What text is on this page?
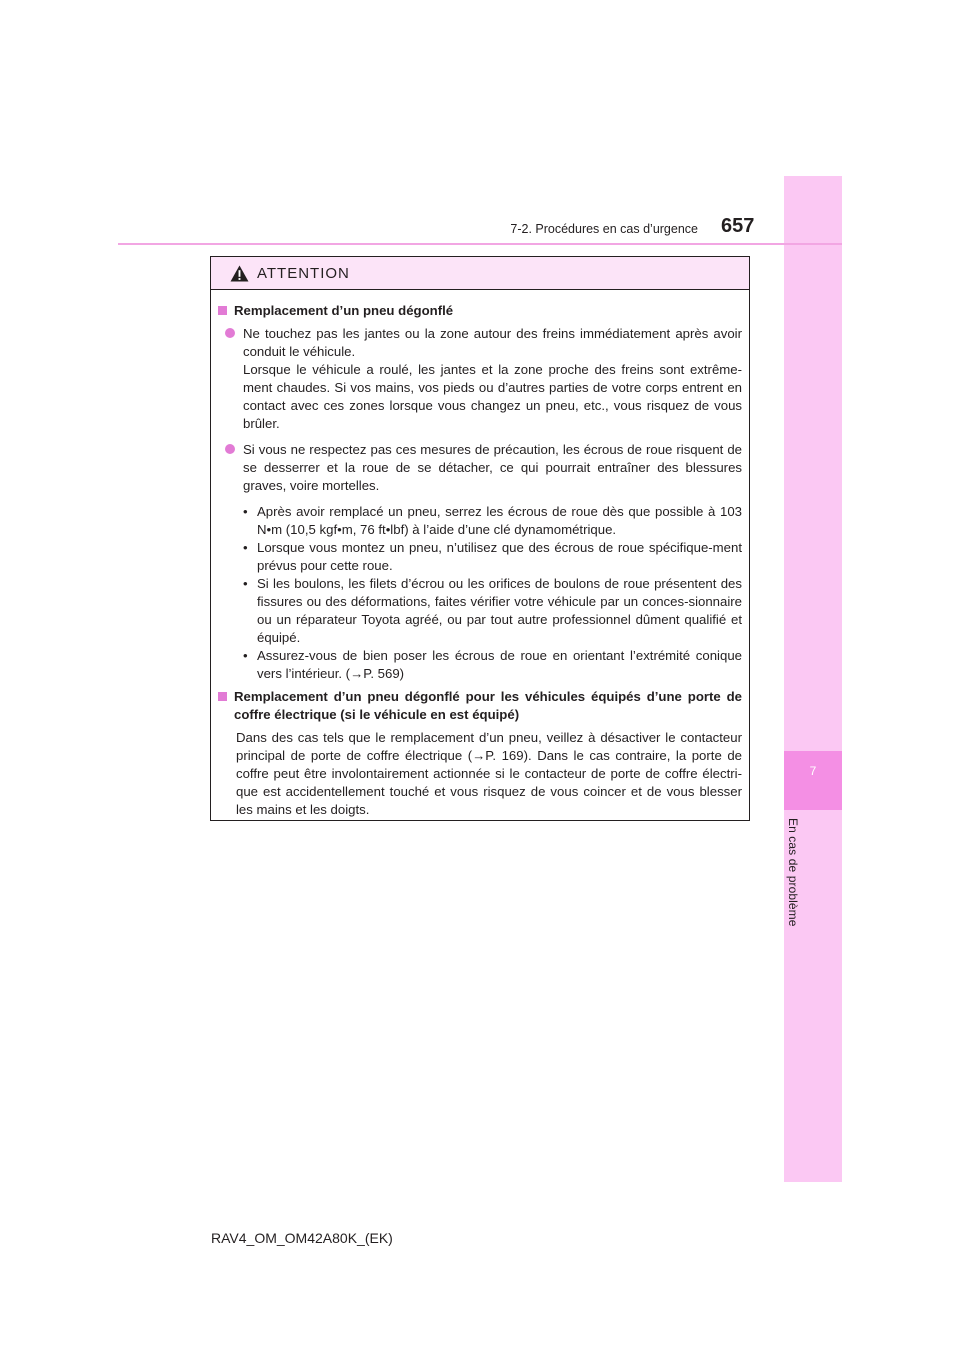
7
En cas de problème
7-2. Procédures en cas d’urgence 657
ATTENTION
Remplacement d’un pneu dégonflé
Ne touchez pas les jantes ou la zone autour des freins immédiatement après avoir conduit le véhicule.
Lorsque le véhicule a roulé, les jantes et la zone proche des freins sont extrême-ment chaudes. Si vos mains, vos pieds ou d’autres parties de votre corps entrent en contact avec ces zones lorsque vous changez un pneu, etc., vous risquez de vous brûler.
Si vous ne respectez pas ces mesures de précaution, les écrous de roue risquent de se desserrer et la roue de se détacher, ce qui pourrait entraîner des blessures graves, voire mortelles.
• Après avoir remplacé un pneu, serrez les écrous de roue dès que possible à 103 N•m (10,5 kgf•m, 76 ft•lbf) à l’aide d’une clé dynamométrique.
• Lorsque vous montez un pneu, n’utilisez que des écrous de roue spécifique-ment prévus pour cette roue.
• Si les boulons, les filets d’écrou ou les orifices de boulons de roue présentent des fissures ou des déformations, faites vérifier votre véhicule par un conces-sionnaire ou un réparateur Toyota agréé, ou par tout autre professionnel dûment qualifié et équipé.
• Assurez-vous de bien poser les écrous de roue en orientant l’extrémité conique vers l’intérieur. (→P. 569)
Remplacement d’un pneu dégonflé pour les véhicules équipés d’une porte de coffre électrique (si le véhicule en est équipé)
Dans des cas tels que le remplacement d’un pneu, veillez à désactiver le contacteur principal de porte de coffre électrique (→P. 169). Dans le cas contraire, la porte de coffre peut être involontairement actionnée si le contacteur de porte de coffre électri-que est accidentellement touché et vous risquez de vous coincer et de vous blesser les mains et les doigts.
RAV4_OM_OM42A80K_(EK)
